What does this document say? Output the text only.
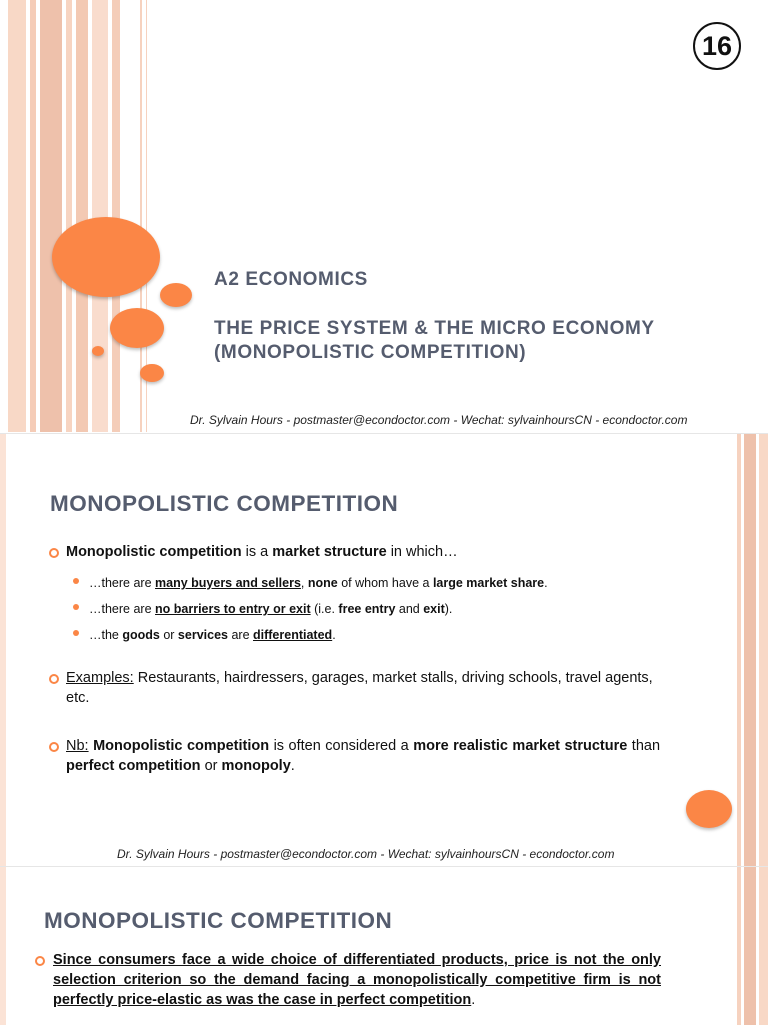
16
A2 ECONOMICS
THE PRICE SYSTEM & THE MICRO ECONOMY
(MONOPOLISTIC COMPETITION)
Dr. Sylvain Hours - postmaster@econdoctor.com - Wechat: sylvainhoursCN - econdoctor.com
MONOPOLISTIC COMPETITION
Monopolistic competition is a market structure in which…
…there are many buyers and sellers, none of whom have a large market share.
…there are no barriers to entry or exit (i.e. free entry and exit).
…the goods or services are differentiated.
Examples: Restaurants, hairdressers, garages, market stalls, driving schools, travel agents, etc.
Nb: Monopolistic competition is often considered a more realistic market structure than perfect competition or monopoly.
Dr. Sylvain Hours - postmaster@econdoctor.com - Wechat: sylvainhoursCN - econdoctor.com
MONOPOLISTIC COMPETITION
Since consumers face a wide choice of differentiated products, price is not the only selection criterion so the demand facing a monopolistically competitive firm is not perfectly price-elastic as was the case in perfect competition.
